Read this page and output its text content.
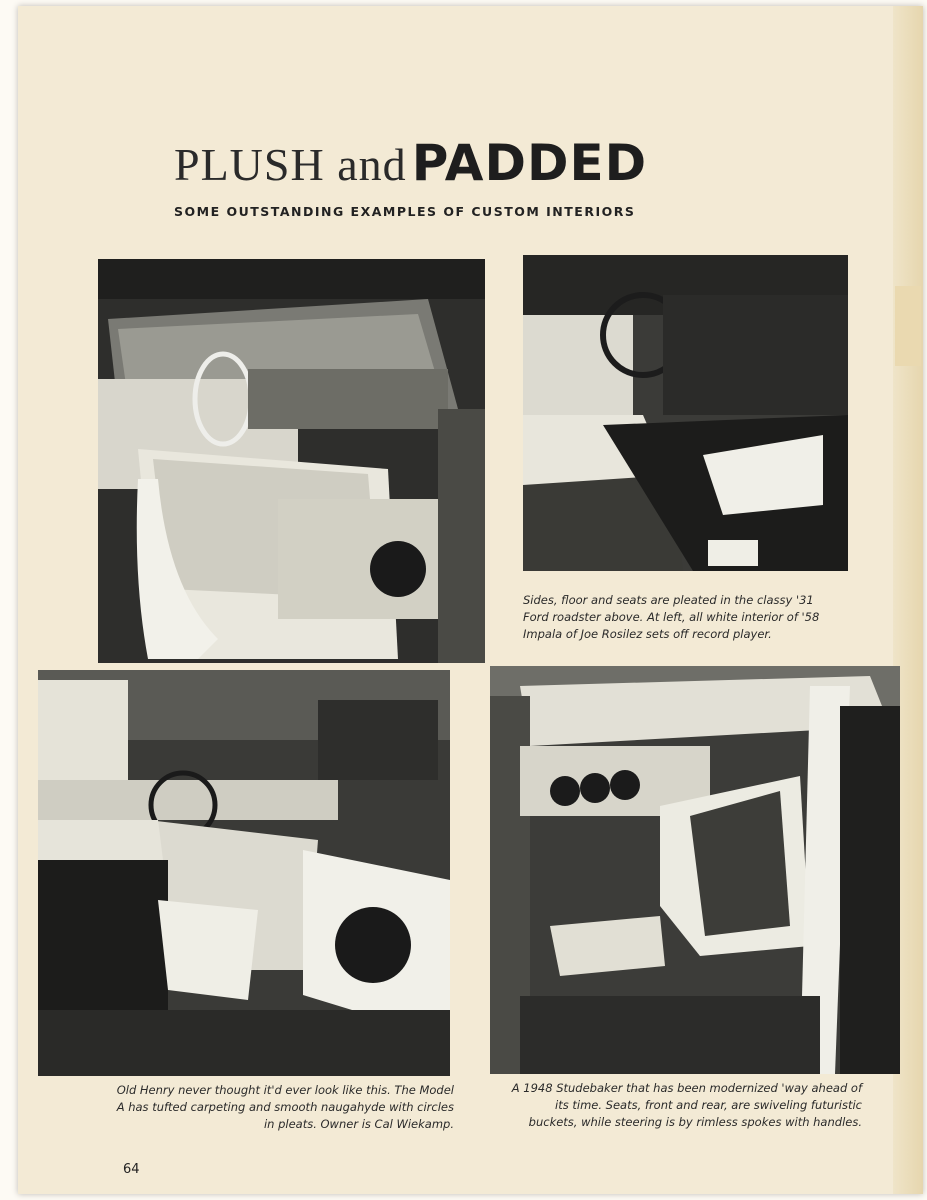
PLUSH and PADDED
SOME OUTSTANDING EXAMPLES OF CUSTOM INTERIORS
Sides, floor and seats are pleated in the classy '31 Ford roadster above. At left, all white interior of '58 Impala of Joe Rosilez sets off record player.
Old Henry never thought it'd ever look like this. The Model A has tufted carpeting and smooth naugahyde with circles in pleats. Owner is Cal Wiekamp.
A 1948 Studebaker that has been modernized 'way ahead of its time. Seats, front and rear, are swiveling futuristic buckets, while steering is by rimless spokes with handles.
64
